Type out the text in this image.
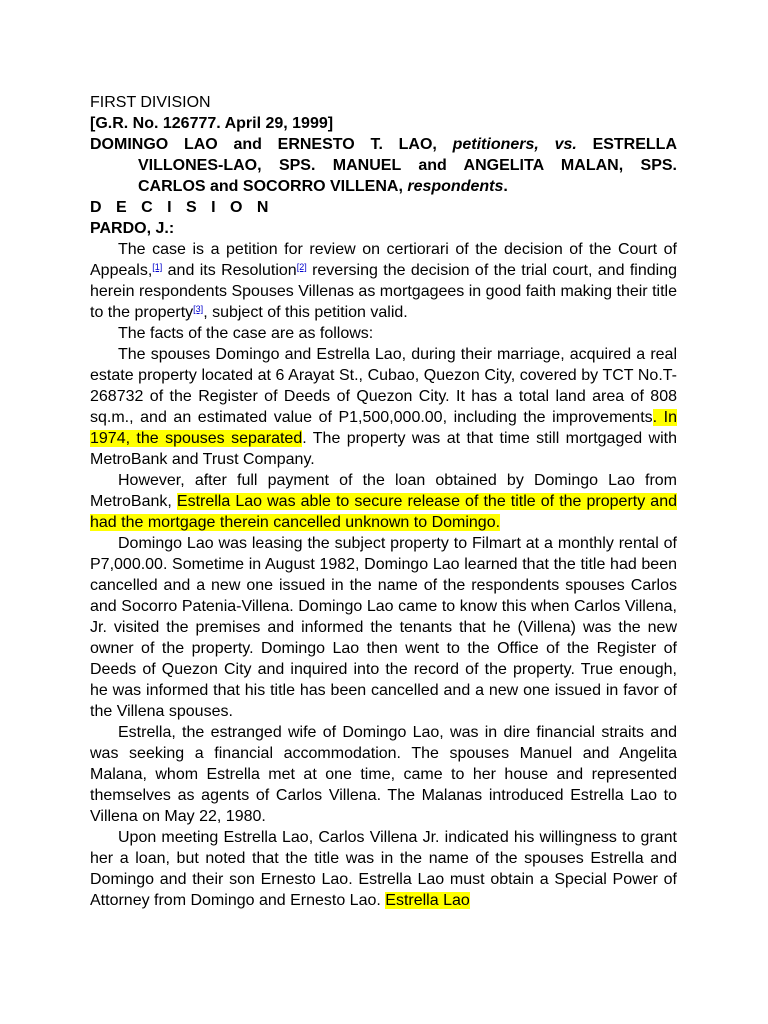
FIRST DIVISION
[G.R. No. 126777. April 29, 1999]
DOMINGO LAO and ERNESTO T. LAO, petitioners, vs. ESTRELLA
VILLONES-LAO, SPS. MANUEL and ANGELITA MALAN, SPS.
CARLOS and SOCORRO VILLENA, respondents.
D E C I S I O N
PARDO, J.:

The case is a petition for review on certiorari of the decision of the Court of Appeals,[1] and its Resolution[2] reversing the decision of the trial court, and finding herein respondents Spouses Villenas as mortgagees in good faith making their title to the property[3], subject of this petition valid.

The facts of the case are as follows:

The spouses Domingo and Estrella Lao, during their marriage, acquired a real estate property located at 6 Arayat St., Cubao, Quezon City, covered by TCT No.T-268732 of the Register of Deeds of Quezon City. It has a total land area of 808 sq.m., and an estimated value of P1,500,000.00, including the improvements. In 1974, the spouses separated. The property was at that time still mortgaged with MetroBank and Trust Company.

However, after full payment of the loan obtained by Domingo Lao from MetroBank, Estrella Lao was able to secure release of the title of the property and had the mortgage therein cancelled unknown to Domingo.

Domingo Lao was leasing the subject property to Filmart at a monthly rental of P7,000.00. Sometime in August 1982, Domingo Lao learned that the title had been cancelled and a new one issued in the name of the respondents spouses Carlos and Socorro Patenia-Villena. Domingo Lao came to know this when Carlos Villena, Jr. visited the premises and informed the tenants that he (Villena) was the new owner of the property. Domingo Lao then went to the Office of the Register of Deeds of Quezon City and inquired into the record of the property. True enough, he was informed that his title has been cancelled and a new one issued in favor of the Villena spouses.

Estrella, the estranged wife of Domingo Lao, was in dire financial straits and was seeking a financial accommodation. The spouses Manuel and Angelita Malana, whom Estrella met at one time, came to her house and represented themselves as agents of Carlos Villena. The Malanas introduced Estrella Lao to Villena on May 22, 1980.

Upon meeting Estrella Lao, Carlos Villena Jr. indicated his willingness to grant her a loan, but noted that the title was in the name of the spouses Estrella and Domingo and their son Ernesto Lao. Estrella Lao must obtain a Special Power of Attorney from Domingo and Ernesto Lao. Estrella Lao
